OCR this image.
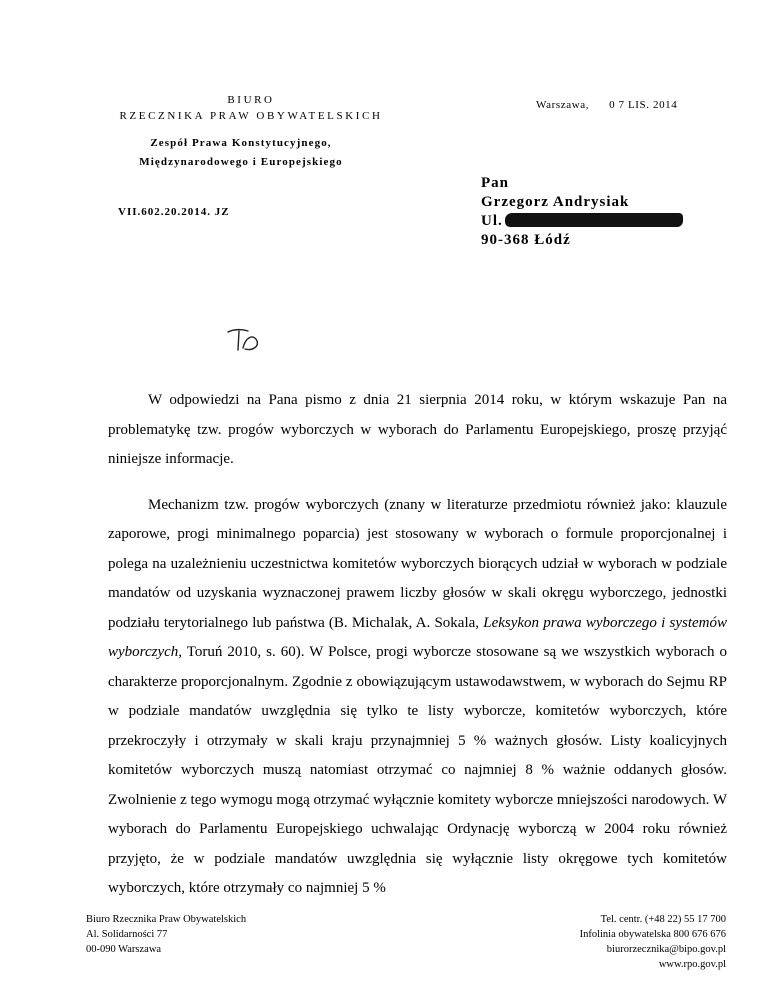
BIURO
RZECZNIKA PRAW OBYWATELSKICH
Warszawa, 0 7 LIS. 2014
Zespół Prawa Konstytucyjnego,
Międzynarodowego i Europejskiego
VII.602.20.2014. JZ
Pan
Grzegorz Andrysiak
Ul.
90-368 Łódź

W odpowiedzi na Pana pismo z dnia 21 sierpnia 2014 roku, w którym wskazuje Pan na problematykę tzw. progów wyborczych w wyborach do Parlamentu Europejskiego, proszę przyjąć niniejsze informacje.

Mechanizm tzw. progów wyborczych (znany w literaturze przedmiotu również jako: klauzule zaporowe, progi minimalnego poparcia) jest stosowany w wyborach o formule proporcjonalnej i polega na uzależnieniu uczestnictwa komitetów wyborczych biorących udział w wyborach w podziale mandatów od uzyskania wyznaczonej prawem liczby głosów w skali okręgu wyborczego, jednostki podziału terytorialnego lub państwa (B. Michalak, A. Sokala, Leksykon prawa wyborczego i systemów wyborczych, Toruń 2010, s. 60). W Polsce, progi wyborcze stosowane są we wszystkich wyborach o charakterze proporcjonalnym. Zgodnie z obowiązującym ustawodawstwem, w wyborach do Sejmu RP w podziale mandatów uwzględnia się tylko te listy wyborcze, komitetów wyborczych, które przekroczyły i otrzymały w skali kraju przynajmniej 5 % ważnych głosów. Listy koalicyjnych komitetów wyborczych muszą natomiast otrzymać co najmniej 8 % ważnie oddanych głosów. Zwolnienie z tego wymogu mogą otrzymać wyłącznie komitety wyborcze mniejszości narodowych. W wyborach do Parlamentu Europejskiego uchwalając Ordynację wyborczą w 2004 roku również przyjęto, że w podziale mandatów uwzględnia się wyłącznie listy okręgowe tych komitetów wyborczych, które otrzymały co najmniej 5 %

Biuro Rzecznika Praw Obywatelskich
Al. Solidarności 77
00-090 Warszawa
Tel. centr. (+48 22) 55 17 700
Infolinia obywatelska 800 676 676
biurorzecznika@bipo.gov.pl
www.rpo.gov.pl
